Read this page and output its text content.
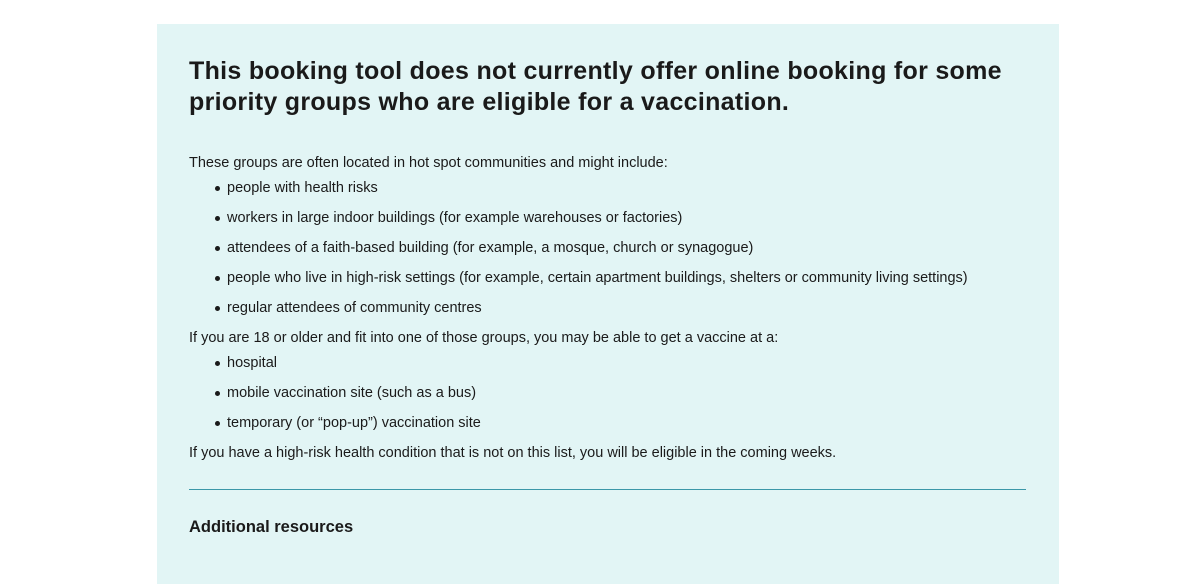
This booking tool does not currently offer online booking for some priority groups who are eligible for a vaccination.

These groups are often located in hot spot communities and might include:

people with health risks
workers in large indoor buildings (for example warehouses or factories)
attendees of a faith-based building (for example, a mosque, church or synagogue)
people who live in high-risk settings (for example, certain apartment buildings, shelters or community living settings)
regular attendees of community centres

If you are 18 or older and fit into one of those groups, you may be able to get a vaccine at a:

hospital
mobile vaccination site (such as a bus)
temporary (or “pop-up”) vaccination site

If you have a high-risk health condition that is not on this list, you will be eligible in the coming weeks.

Additional resources
